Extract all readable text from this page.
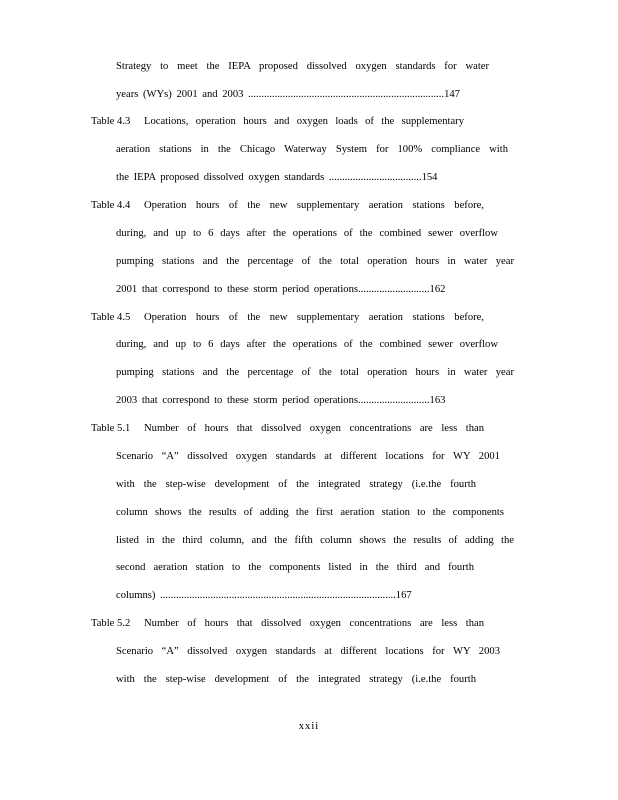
Strategy to meet the IEPA proposed dissolved oxygen standards for water
years (WYs) 2001 and 2003 ..........................................................................147
Table 4.3 Locations, operation hours and oxygen loads of the supplementary
aeration stations in the Chicago Waterway System for 100% compliance with
the IEPA proposed dissolved oxygen standards ...................................154
Table 4.4 Operation hours of the new supplementary aeration stations before,
during, and up to 6 days after the operations of the combined sewer overflow
pumping stations and the percentage of the total operation hours in water year
2001 that correspond to these storm period operations...........................162
Table 4.5 Operation hours of the new supplementary aeration stations before,
during, and up to 6 days after the operations of the combined sewer overflow
pumping stations and the percentage of the total operation hours in water year
2003 that correspond to these storm period operations...........................163
Table 5.1 Number of hours that dissolved oxygen concentrations are less than
Scenario “A” dissolved oxygen standards at different locations for WY 2001
with the step-wise development of the integrated strategy (i.e.the fourth
column shows the results of adding the first aeration station to the components
listed in the third column, and the fifth column shows the results of adding the
second aeration station to the components listed in the third and fourth
columns) .........................................................................................167
Table 5.2 Number of hours that dissolved oxygen concentrations are less than
Scenario “A” dissolved oxygen standards at different locations for WY 2003
with the step-wise development of the integrated strategy (i.e.the fourth
xxii
